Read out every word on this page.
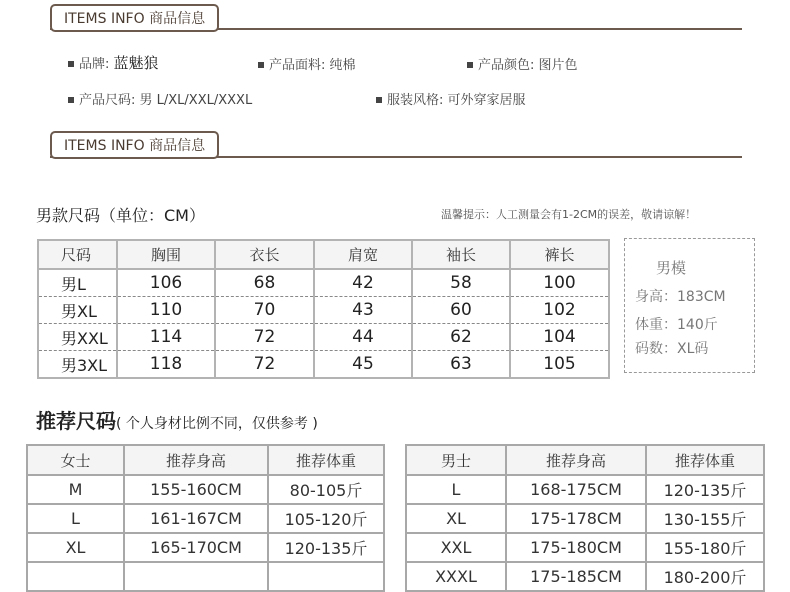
ITEMS INFO 商品信息
品牌: 蓝魅狼	产品面料: 纯棉	产品颜色: 图片色
产品尺码: 男 L/XL/XXL/XXXL	服装风格: 可外穿家居服
ITEMS INFO 商品信息
男款尺码（单位：CM）	温馨提示：人工测量会有1-2CM的误差，敬请谅解！
尺码	胸围	衣长	肩宽	袖长	裤长
男L	106	68	42	58	100
男XL	110	70	43	60	102
男XXL	114	72	44	62	104
男3XL	118	72	45	63	105
男模
身高：183CM
体重：140斤
码数：XL码
推荐尺码( 个人身材比例不同，仅供参考 )
女士	推荐身高	推荐体重
M	155-160CM	80-105斤
L	161-167CM	105-120斤
XL	165-170CM	120-135斤

男士	推荐身高	推荐体重
L	168-175CM	120-135斤
XL	175-178CM	130-155斤
XXL	175-180CM	155-180斤
XXXL	175-185CM	180-200斤
